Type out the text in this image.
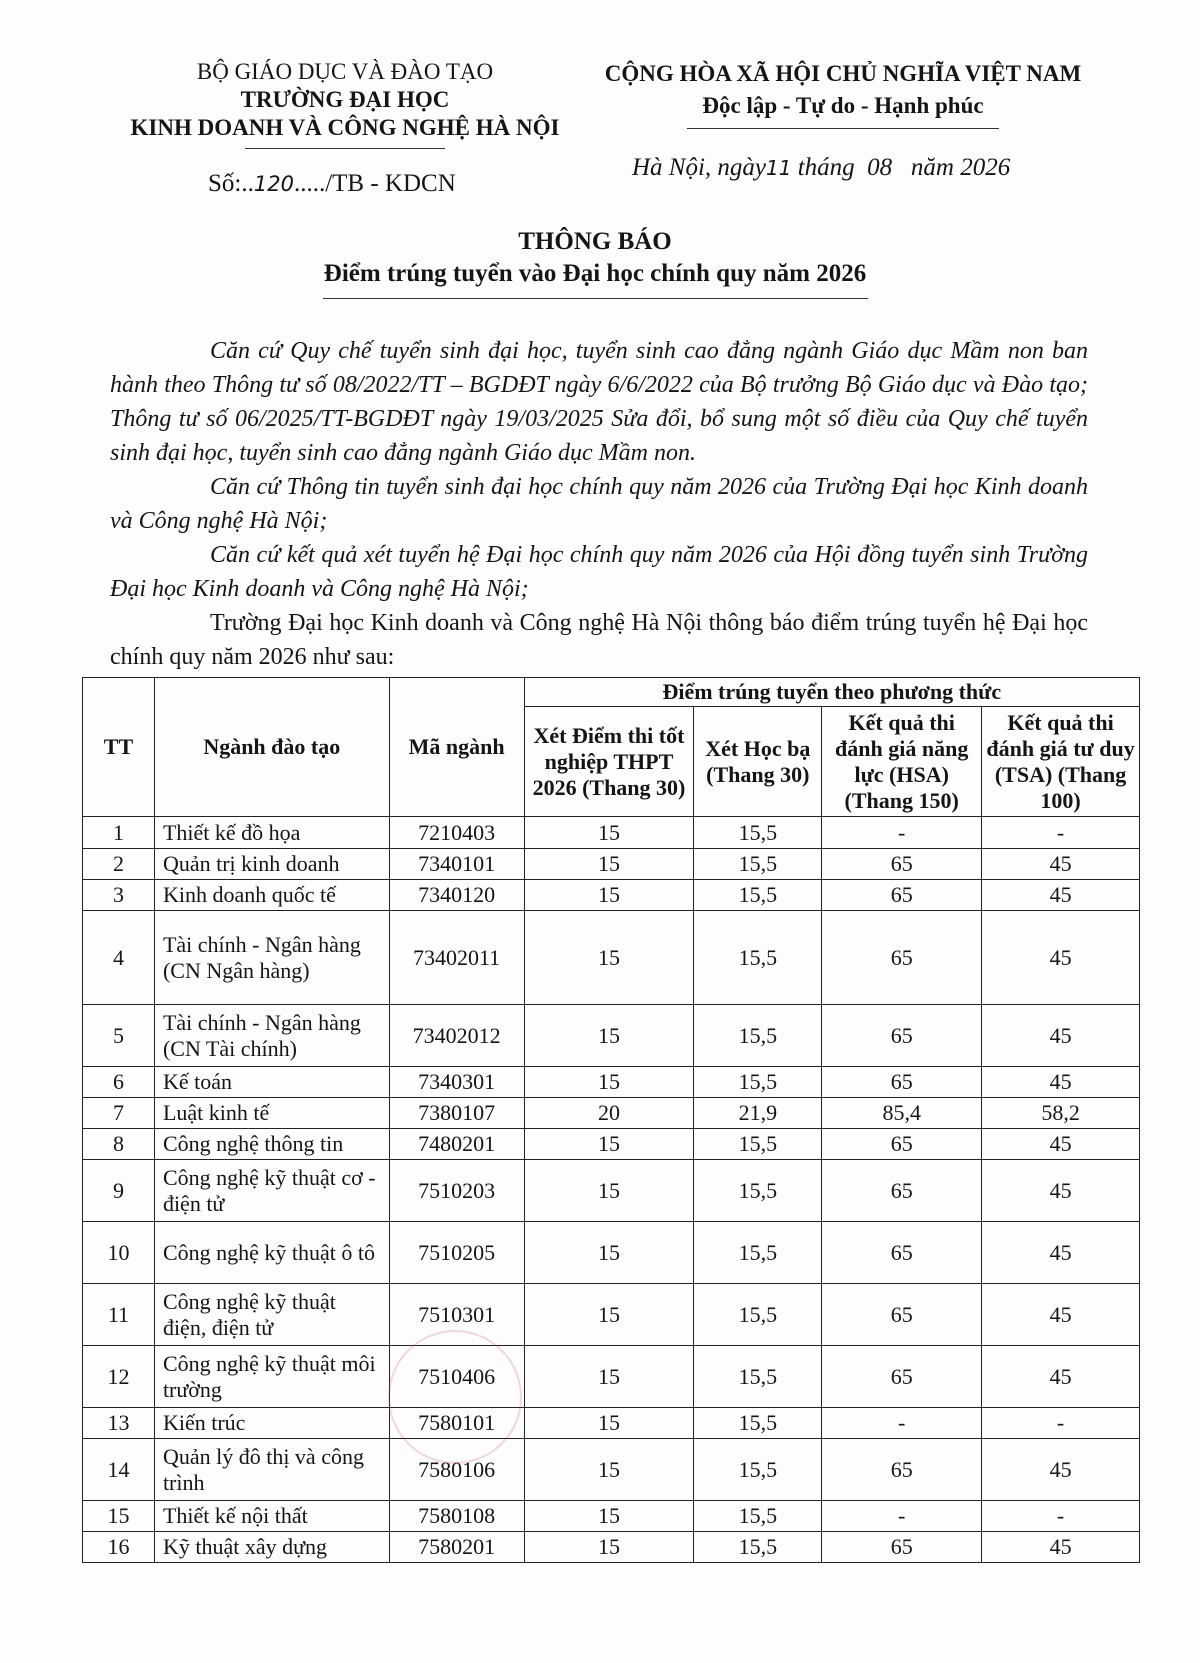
BỘ GIÁO DỤC VÀ ĐÀO TẠO
TRƯỜNG ĐẠI HỌC
KINH DOANH VÀ CÔNG NGHỆ HÀ NỘI
Số:..120...../TB - KDCN
CỘNG HÒA XÃ HỘI CHỦ NGHĨA VIỆT NAM
Độc lập - Tự do - Hạnh phúc
Hà Nội, ngày11 tháng  08   năm 2026
THÔNG BÁO
Điểm trúng tuyển vào Đại học chính quy năm 2026

Căn cứ Quy chế tuyển sinh đại học, tuyển sinh cao đẳng ngành Giáo dục Mầm non ban hành theo Thông tư số 08/2022/TT – BGDĐT ngày 6/6/2022 của Bộ trưởng Bộ Giáo dục và Đào tạo; Thông tư số 06/2025/TT-BGDĐT ngày 19/03/2025 Sửa đổi, bổ sung một số điều của Quy chế tuyển sinh đại học, tuyển sinh cao đẳng ngành Giáo dục Mầm non.

Căn cứ Thông tin tuyển sinh đại học chính quy năm 2026 của Trường Đại học Kinh doanh và Công nghệ Hà Nội;

Căn cứ kết quả xét tuyển hệ Đại học chính quy năm 2026 của Hội đồng tuyển sinh Trường Đại học Kinh doanh và Công nghệ Hà Nội;

Trường Đại học Kinh doanh và Công nghệ Hà Nội thông báo điểm trúng tuyển hệ Đại học chính quy năm 2026 như sau:

TT	Ngành đào tạo	Mã ngành	Điểm trúng tuyển theo phương thức			
			Xét Điểm thi tốt nghiệp THPT 2026 (Thang 30)	Xét Học bạ (Thang 30)	Kết quả thi đánh giá năng lực (HSA) (Thang 150)	Kết quả thi đánh giá tư duy (TSA) (Thang 100)
1	Thiết kế đồ họa	7210403	15	15,5	-	-
2	Quản trị kinh doanh	7340101	15	15,5	65	45
3	Kinh doanh quốc tế	7340120	15	15,5	65	45
4	Tài chính - Ngân hàng (CN Ngân hàng)	73402011	15	15,5	65	45
5	Tài chính - Ngân hàng (CN Tài chính)	73402012	15	15,5	65	45
6	Kế toán	7340301	15	15,5	65	45
7	Luật kinh tế	7380107	20	21,9	85,4	58,2
8	Công nghệ thông tin	7480201	15	15,5	65	45
9	Công nghệ kỹ thuật cơ - điện tử	7510203	15	15,5	65	45
10	Công nghệ kỹ thuật ô tô	7510205	15	15,5	65	45
11	Công nghệ kỹ thuật điện, điện tử	7510301	15	15,5	65	45
12	Công nghệ kỹ thuật môi trường	7510406	15	15,5	65	45
13	Kiến trúc	7580101	15	15,5	-	-
14	Quản lý đô thị và công trình	7580106	15	15,5	65	45
15	Thiết kế nội thất	7580108	15	15,5	-	-
16	Kỹ thuật xây dựng	7580201	15	15,5	65	45
